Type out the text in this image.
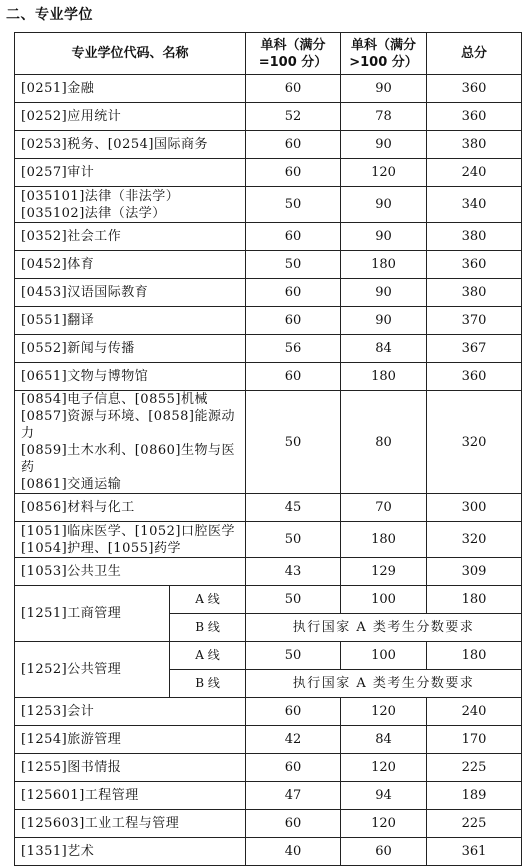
二、专业学位
专业学位代码、名称		单科（满分
=100 分）	单科（满分
>100 分）	总分

[0251]金融		60	90	360

[0252]应用统计		52	78	360

[0253]税务、[0254]国际商务		60	90	380

[0257]审计		60	120	240

[035101]法律（非法学）
[035102]法律（法学）		50	90	340

[0352]社会工作		60	90	380

[0452]体育		50	180	360

[0453]汉语国际教育		60	90	380

[0551]翻译		60	90	370

[0552]新闻与传播		56	84	367

[0651]文物与博物馆		60	180	360

[0854]电子信息、[0855]机械
[0857]资源与环境、[0858]能源动力
[0859]土木水利、[0860]生物与医药
[0861]交通运输		50	80	320

[0856]材料与化工		45	70	300

[1051]临床医学、[1052]口腔医学
[1054]护理、[1055]药学		50	180	320

[1053]公共卫生		43	129	309
[1251]工商管理	A 线	50	100	180
	B 线	执行国家 A 类考生分数要求		
[1252]公共管理	A 线	50	100	180
	B 线	执行国家 A 类考生分数要求		

[1253]会计		60	120	240

[1254]旅游管理		42	84	170

[1255]图书情报		60	120	225

[125601]工程管理		47	94	189

[125603]工业工程与管理		60	120	225

[1351]艺术		40	60	361
